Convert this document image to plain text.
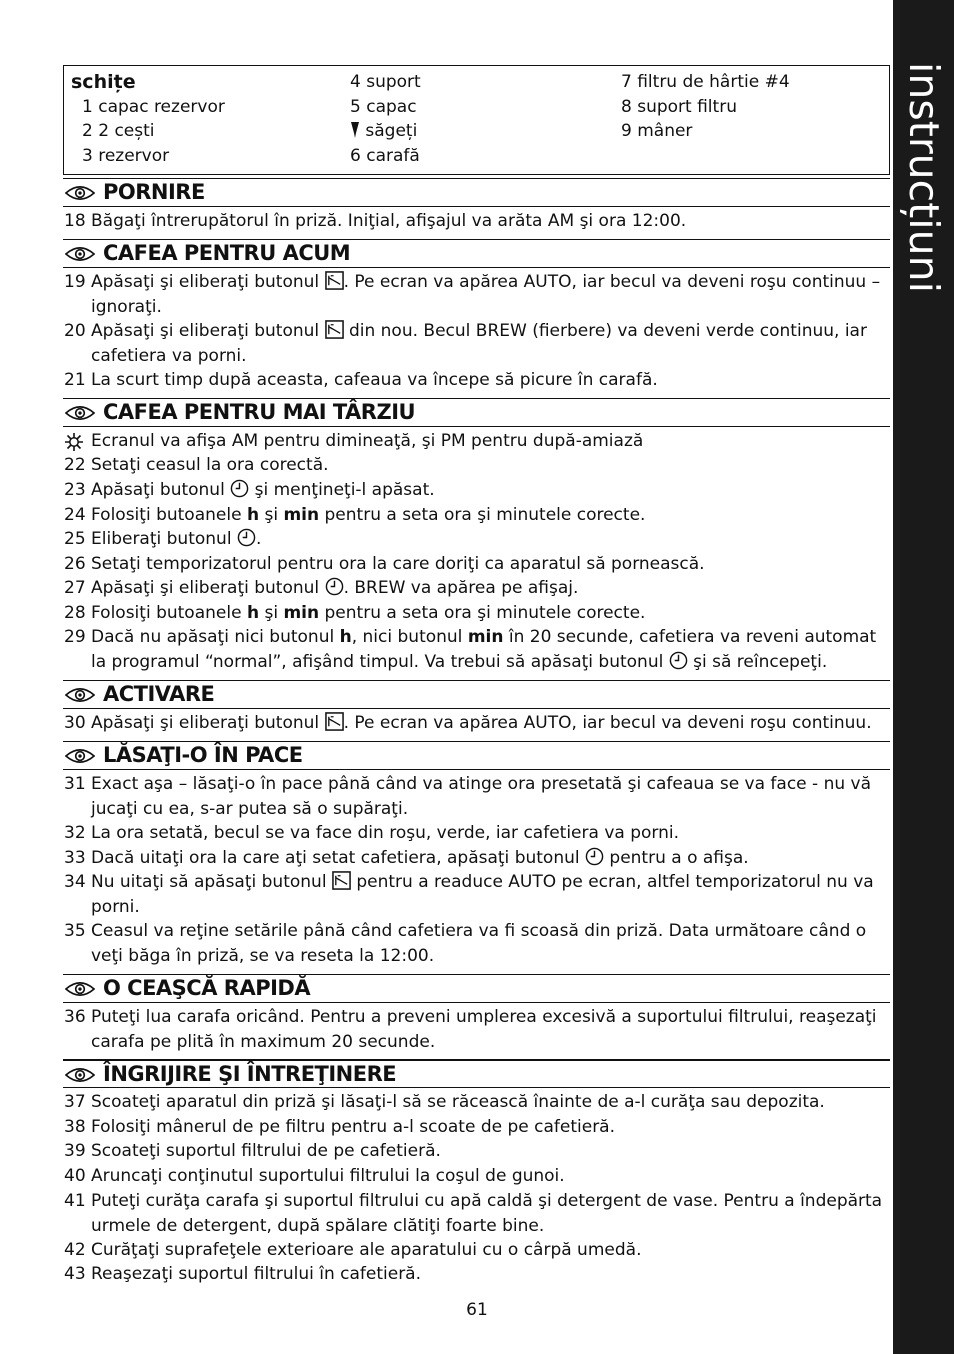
instrucțiuni
schițe
1 capac rezervor
2 2 cești
3 rezervor
4 suport
5 capac
săgeți
6 carafă
7 filtru de hârtie #4
8 suport filtru
9 mâner
PORNIRE
18 Băgaţi întrerupătorul în priză. Iniţial, afişajul va arăta AM şi ora 12:00.
CAFEA PENTRU ACUM
19 Apăsaţi şi eliberaţi butonul . Pe ecran va apărea AUTO, iar becul va deveni roşu continuu – ignoraţi.
20 Apăsaţi şi eliberaţi butonul  din nou. Becul BREW (fierbere) va deveni verde continuu, iar cafetiera va porni.
21 La scurt timp după aceasta, cafeaua va începe să picure în carafă.
CAFEA PENTRU MAI TÂRZIU
Ecranul va afişa AM pentru dimineaţă, şi PM pentru după-amiază
22 Setaţi ceasul la ora corectă.
23 Apăsaţi butonul  şi menţineţi-l apăsat.
24 Folosiţi butoanele h şi min pentru a seta ora şi minutele corecte.
25 Eliberaţi butonul .
26 Setaţi temporizatorul pentru ora la care doriţi ca aparatul să pornească.
27 Apăsaţi şi eliberaţi butonul . BREW va apărea pe afişaj.
28 Folosiţi butoanele h şi min pentru a seta ora şi minutele corecte.
29 Dacă nu apăsaţi nici butonul h, nici butonul min în 20 secunde, cafetiera va reveni automat la programul “normal”, afişând timpul. Va trebui să apăsaţi butonul  şi să reîncepeţi.
ACTIVARE
30 Apăsaţi şi eliberaţi butonul . Pe ecran va apărea AUTO, iar becul va deveni roşu continuu.
LĂSAŢI-O ÎN PACE
31 Exact aşa – lăsaţi-o în pace până când va atinge ora presetată şi cafeaua se va face - nu vă jucaţi cu ea, s-ar putea să o supăraţi.
32 La ora setată, becul se va face din roşu, verde, iar cafetiera va porni.
33 Dacă uitaţi ora la care aţi setat cafetiera, apăsaţi butonul  pentru a o afişa.
34 Nu uitaţi să apăsaţi butonul  pentru a readuce AUTO pe ecran, altfel temporizatorul nu va porni.
35 Ceasul va reţine setările până când cafetiera va fi scoasă din priză. Data următoare când o veţi băga în priză, se va reseta la 12:00.
O CEAŞCĂ RAPIDĂ
36 Puteţi lua carafa oricând. Pentru a preveni umplerea excesivă a suportului filtrului, reaşezaţi carafa pe plită în maximum 20 secunde.
ÎNGRIJIRE ŞI ÎNTREŢINERE
37 Scoateţi aparatul din priză şi lăsaţi-l să se răcească înainte de a-l curăţa sau depozita.
38 Folosiţi mânerul de pe filtru pentru a-l scoate de pe cafetieră.
39 Scoateţi suportul filtrului de pe cafetieră.
40 Aruncaţi conţinutul suportului filtrului la coşul de gunoi.
41 Puteţi curăţa carafa şi suportul filtrului cu apă caldă şi detergent de vase. Pentru a îndepărta urmele de detergent, după spălare clătiţi foarte bine.
42 Curăţaţi suprafeţele exterioare ale aparatului cu o cârpă umedă.
43 Reaşezaţi suportul filtrului în cafetieră.
61
